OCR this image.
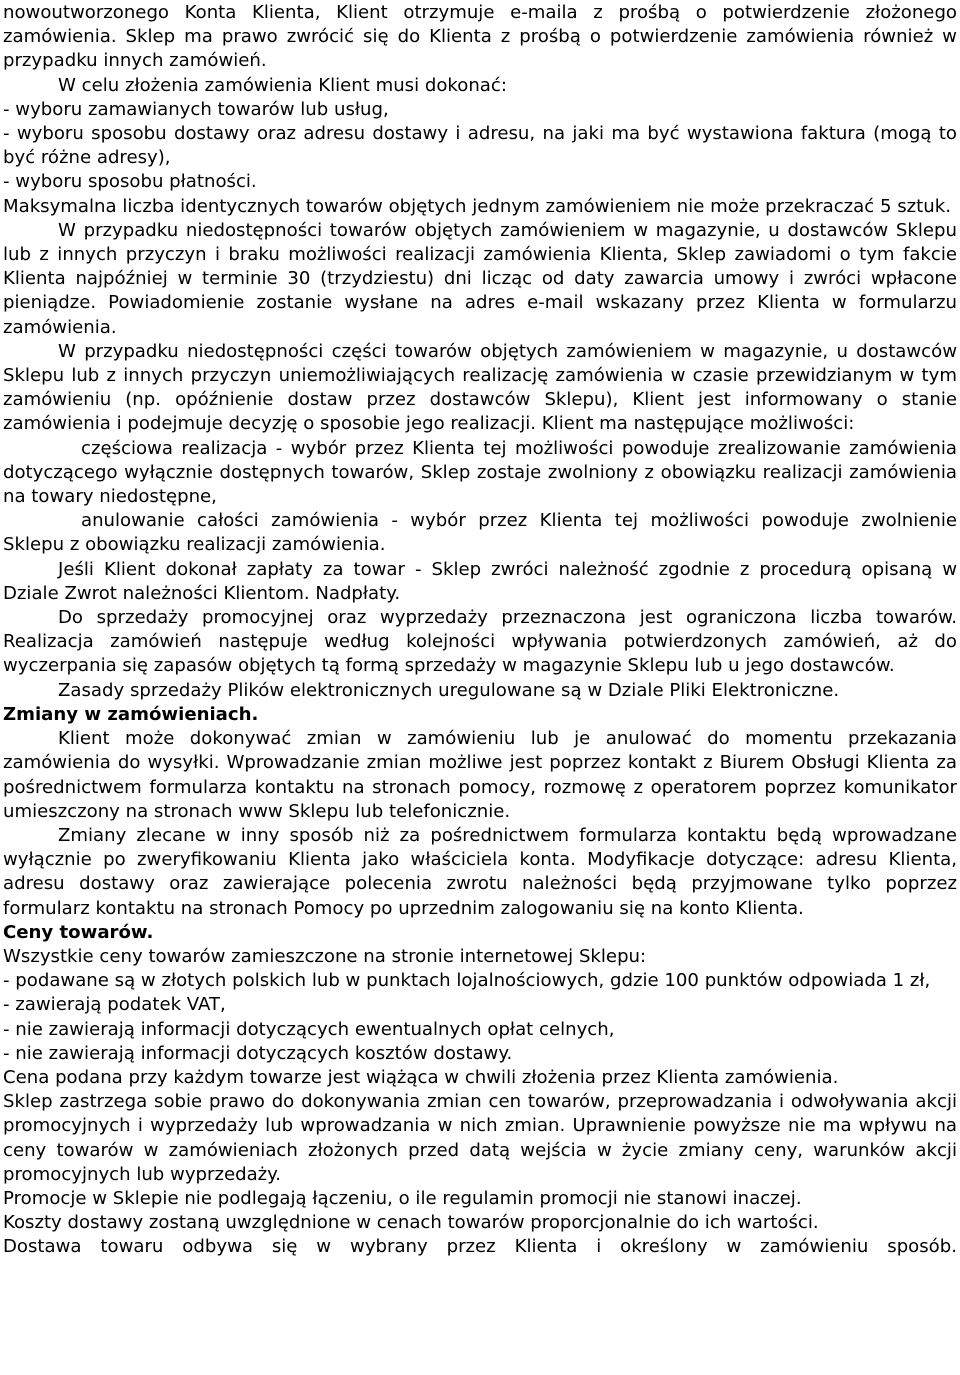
nowoutworzonego Konta Klienta, Klient otrzymuje e-maila z prośbą o potwierdzenie złożonego zamówienia. Sklep ma prawo zwrócić się do Klienta z prośbą o potwierdzenie zamówienia również w przypadku innych zamówień.

W celu złożenia zamówienia Klient musi dokonać:

- wyboru zamawianych towarów lub usług,

- wyboru sposobu dostawy oraz adresu dostawy i adresu, na jaki ma być wystawiona faktura (mogą to być różne adresy),

- wyboru sposobu płatności.

Maksymalna liczba identycznych towarów objętych jednym zamówieniem nie może przekraczać 5 sztuk.

W przypadku niedostępności towarów objętych zamówieniem w magazynie, u dostawców Sklepu lub z innych przyczyn i braku możliwości realizacji zamówienia Klienta, Sklep zawiadomi o tym fakcie Klienta najpóźniej w terminie 30 (trzydziestu) dni licząc od daty zawarcia umowy i zwróci wpłacone pieniądze. Powiadomienie zostanie wysłane na adres e-mail wskazany przez Klienta w formularzu zamówienia.

W przypadku niedostępności części towarów objętych zamówieniem w magazynie, u dostawców Sklepu lub z innych przyczyn uniemożliwiających realizację zamówienia w czasie przewidzianym w tym zamówieniu (np. opóźnienie dostaw przez dostawców Sklepu), Klient jest informowany o stanie zamówienia i podejmuje decyzję o sposobie jego realizacji. Klient ma następujące możliwości:

częściowa realizacja - wybór przez Klienta tej możliwości powoduje zrealizowanie zamówienia dotyczącego wyłącznie dostępnych towarów, Sklep zostaje zwolniony z obowiązku realizacji zamówienia na towary niedostępne,

anulowanie całości zamówienia - wybór przez Klienta tej możliwości powoduje zwolnienie Sklepu z obowiązku realizacji zamówienia.

Jeśli Klient dokonał zapłaty za towar - Sklep zwróci należność zgodnie z procedurą opisaną w Dziale Zwrot należności Klientom. Nadpłaty.

Do sprzedaży promocyjnej oraz wyprzedaży przeznaczona jest ograniczona liczba towarów. Realizacja zamówień następuje według kolejności wpływania potwierdzonych zamówień, aż do wyczerpania się zapasów objętych tą formą sprzedaży w magazynie Sklepu lub u jego dostawców.

Zasady sprzedaży Plików elektronicznych uregulowane są w Dziale Pliki Elektroniczne.

Zmiany w zamówieniach.

Klient może dokonywać zmian w zamówieniu lub je anulować do momentu przekazania zamówienia do wysyłki. Wprowadzanie zmian możliwe jest poprzez kontakt z Biurem Obsługi Klienta za pośrednictwem formularza kontaktu na stronach pomocy, rozmowę z operatorem poprzez komunikator umieszczony na stronach www Sklepu lub telefonicznie.

Zmiany zlecane w inny sposób niż za pośrednictwem formularza kontaktu będą wprowadzane wyłącznie po zweryfikowaniu Klienta jako właściciela konta. Modyfikacje dotyczące: adresu Klienta, adresu dostawy oraz zawierające polecenia zwrotu należności będą przyjmowane tylko poprzez formularz kontaktu na stronach Pomocy po uprzednim zalogowaniu się na konto Klienta.

Ceny towarów.

Wszystkie ceny towarów zamieszczone na stronie internetowej Sklepu:

- podawane są w złotych polskich lub w punktach lojalnościowych, gdzie 100 punktów odpowiada 1 zł,

- zawierają podatek VAT,

- nie zawierają informacji dotyczących ewentualnych opłat celnych,

- nie zawierają informacji dotyczących kosztów dostawy.

Cena podana przy każdym towarze jest wiążąca w chwili złożenia przez Klienta zamówienia.

Sklep zastrzega sobie prawo do dokonywania zmian cen towarów, przeprowadzania i odwoływania akcji promocyjnych i wyprzedaży lub wprowadzania w nich zmian. Uprawnienie powyższe nie ma wpływu na ceny towarów w zamówieniach złożonych przed datą wejścia w życie zmiany ceny, warunków akcji promocyjnych lub wyprzedaży.

Promocje w Sklepie nie podlegają łączeniu, o ile regulamin promocji nie stanowi inaczej.

Koszty dostawy zostaną uwzględnione w cenach towarów proporcjonalnie do ich wartości.

Dostawa towaru odbywa się w wybrany przez Klienta i określony w zamówieniu sposób.
